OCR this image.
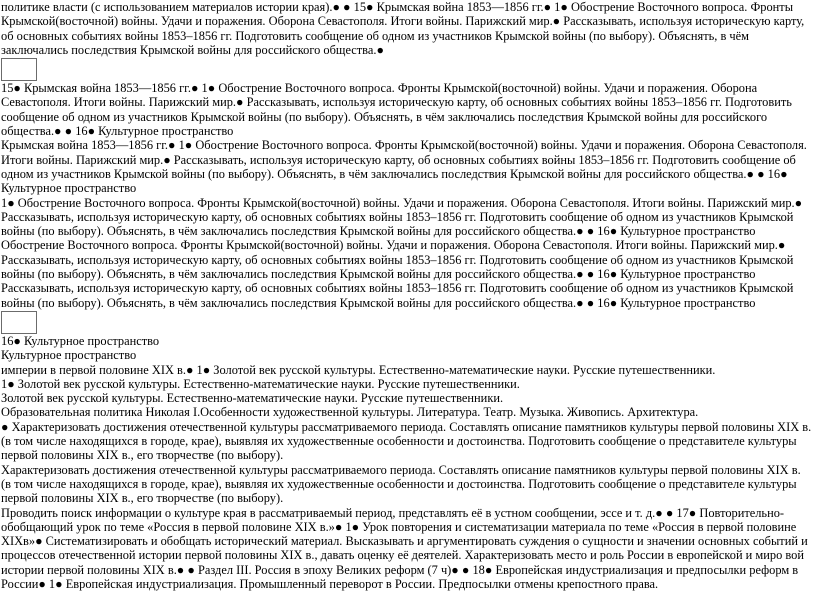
политике власти (с использованием материалов истории края).● ● 15● Крымская война 1853—1856 гг.● 1● Обострение Восточного вопроса. Фронты Крымской(восточной) войны. Удачи и поражения. Оборона Севастополя. Итоги войны. Парижский мир.● Рассказывать, используя историческую карту, об основных событиях войны 1853–1856 гг. Подготовить сообщение об одном из участников Крымской войны (по выбору). Объяснять, в чём заключались последствия Крымской войны для российского общества.●

15● Крымская война 1853—1856 гг.● 1● Обострение Восточного вопроса. Фронты Крымской(восточной) войны. Удачи и поражения. Оборона Севастополя. Итоги войны. Парижский мир.● Рассказывать, используя историческую карту, об основных событиях войны 1853–1856 гг. Подготовить сообщение об одном из участников Крымской войны (по выбору). Объяснять, в чём заключались последствия Крымской войны для российского общества.● ● 16● Культурное пространство

Крымская война 1853—1856 гг.● 1● Обострение Восточного вопроса. Фронты Крымской(восточной) войны. Удачи и поражения. Оборона Севастополя. Итоги войны. Парижский мир.● Рассказывать, используя историческую карту, об основных событиях войны 1853–1856 гг. Подготовить сообщение об одном из участников Крымской войны (по выбору). Объяснять, в чём заключались последствия Крымской войны для российского общества.● ● 16● Культурное пространство

1● Обострение Восточного вопроса. Фронты Крымской(восточной) войны. Удачи и поражения. Оборона Севастополя. Итоги войны. Парижский мир.● Рассказывать, используя историческую карту, об основных событиях войны 1853–1856 гг. Подготовить сообщение об одном из участников Крымской войны (по выбору). Объяснять, в чём заключались последствия Крымской войны для российского общества.● ● 16● Культурное пространство

Обострение Восточного вопроса. Фронты Крымской(восточной) войны. Удачи и поражения. Оборона Севастополя. Итоги войны. Парижский мир.● Рассказывать, используя историческую карту, об основных событиях войны 1853–1856 гг. Подготовить сообщение об одном из участников Крымской войны (по выбору). Объяснять, в чём заключались последствия Крымской войны для российского общества.● ● 16● Культурное пространство

Рассказывать, используя историческую карту, об основных событиях войны 1853–1856 гг. Подготовить сообщение об одном из участников Крымской войны (по выбору). Объяснять, в чём заключались последствия Крымской войны для российского общества.● ● 16● Культурное пространство

16● Культурное пространство

Культурное пространство

империи в первой половине XIX в.● 1● Золотой век русской культуры. Естественно-математические науки. Русские путешественники.

1● Золотой век русской культуры. Естественно-математические науки. Русские путешественники.

Золотой век русской культуры. Естественно-математические науки. Русские путешественники.

Образовательная политика Николая I.Особенности художественной культуры. Литература. Театр. Музыка. Живопись. Архитектура.

● Характеризовать достижения отечественной культуры рассматриваемого периода. Составлять описание памятников культуры первой половины XIX в. (в том числе находящихся в городе, крае), выявляя их художественные особенности и достоинства. Подготовить сообщение о представителе культуры первой половины XIX в., его творчестве (по выбору).

Характеризовать достижения отечественной культуры рассматриваемого периода. Составлять описание памятников культуры первой половины XIX в. (в том числе находящихся в городе, крае), выявляя их художественные особенности и достоинства. Подготовить сообщение о представителе культуры первой половины XIX в., его творчестве (по выбору).

Проводить поиск информации о культуре края в рассматриваемый период, представлять её в устном сообщении, эссе и т. д.● ● 17● Повторительно-обобщающий урок по теме «Россия в первой половине XIX в.»● 1● Урок повторения и систематизации материала по теме «Россия в первой половине XIXв»● Систематизировать и обобщать исторический материал. Высказывать и аргументировать суждения о сущности и значении основных событий и процессов отечественной истории первой половины XIX в., давать оценку её деятелей. Характеризовать место и роль России в европейской и миро вой истории первой половины XIX в.● ● Раздел III. Россия в эпоху Великих реформ (7 ч)● ● 18● Европейская индустриализация и предпосылки реформ в России● 1● Европейская индустриализация. Промышленный переворот в России. Предпосылки отмены крепостного права.
